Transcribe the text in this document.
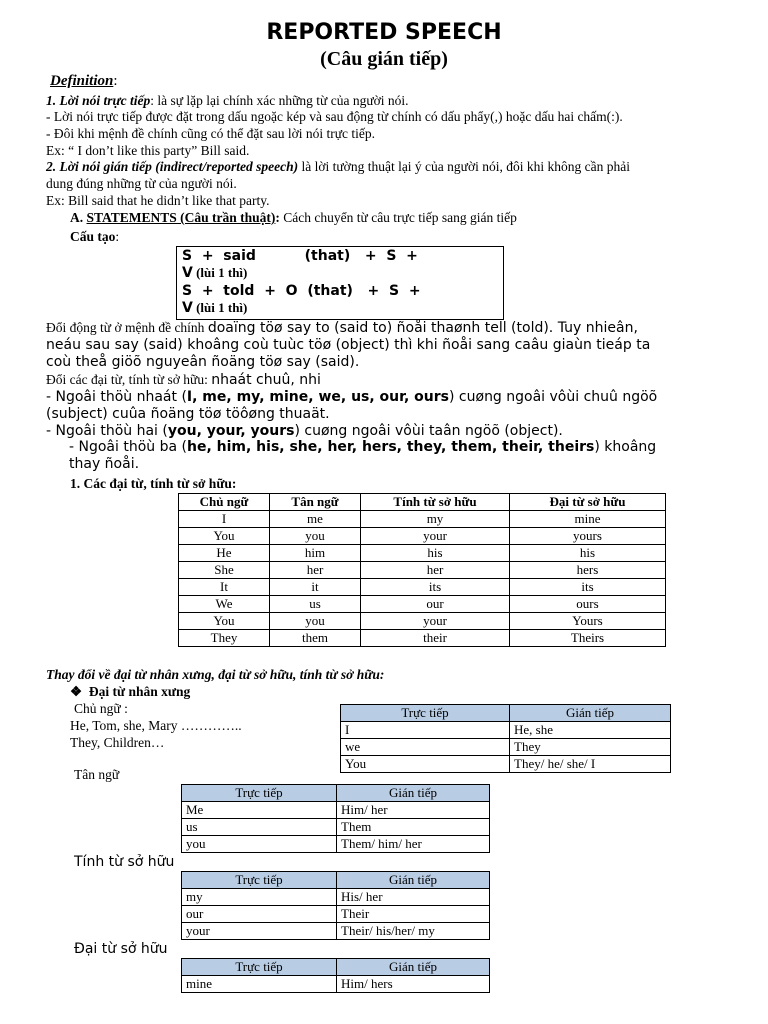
REPORTED SPEECH
(Câu gián tiếp)
Definition:
1. Lời nói trực tiếp: là sự lặp lại chính xác những từ của người nói.
- Lời nói trực tiếp được đặt trong dấu ngoặc kép và sau động từ chính có dấu phẩy(,) hoặc dấu hai chấm(:).
- Đôi khi mệnh đề chính cũng có thể đặt sau lời nói trực tiếp.
Ex: “ I don’t like this party” Bill said.
2. Lời nói gián tiếp (indirect/reported speech) là lời tường thuật lại ý của người nói, đôi khi không cần phải
dung đúng những từ của người nói.
Ex: Bill said that he didn’t like that party.
A. STATEMENTS (Câu trần thuật): Cách chuyển từ câu trực tiếp sang gián tiếp
Cấu tạo:
S  +  said          (that)   +  S  +
V (lùi 1 thì)
S  +  told  +  O  (that)   +  S  +
V (lùi 1 thì)
Đổi động từ ở mệnh đề chính doaïng töø say to (said to) ñoåi thaønh tell (told). Tuy nhieân,
neáu sau say (said) khoâng coù tuùc töø (object) thì khi ñoåi sang caâu giaùn tieáp ta
coù theå giöõ nguyeân ñoäng töø say (said).
Đổi các đại từ, tính từ sở hữu: nhaát chuû, nhi
- Ngoâi thöù nhaát (I, me, my, mine, we, us, our, ours) cuøng ngoâi vôùi chuû ngöõ
(subject) cuûa ñoäng töø töôøng thuaät.
- Ngoâi thöù hai (you, your, yours) cuøng ngoâi vôùi taân ngöõ (object).
- Ngoâi thöù ba (he, him, his, she, her, hers, they, them, their, theirs) khoâng
thay ñoåi.
1. Các đại từ, tính từ sở hữu:
Chủ ngữ	Tân ngữ	Tính từ sở hữu	Đại từ sở hữu
I	me	my	mine
You	you	your	yours
He	him	his	his
She	her	her	hers
It	it	its	its
We	us	our	ours
You	you	your	Yours
They	them	their	Theirs
Thay đổi về đại từ nhân xưng, đại từ sở hữu, tính từ sở hữu:
❖ Đại từ nhân xưng
Chủ ngữ :
He, Tom, she, Mary …………..
They, Children…
Trực tiếp	Gián tiếp
I	He, she
we	They
You	They/ he/ she/ I
Tân ngữ
Trực tiếp	Gián tiếp
Me	Him/ her
us	Them
you	Them/ him/ her
Tính từ sở hữu
Trực tiếp	Gián tiếp
my	His/ her
our	Their
your	Their/ his/her/ my
Đại từ sở hữu
Trực tiếp	Gián tiếp
mine	Him/ hers
